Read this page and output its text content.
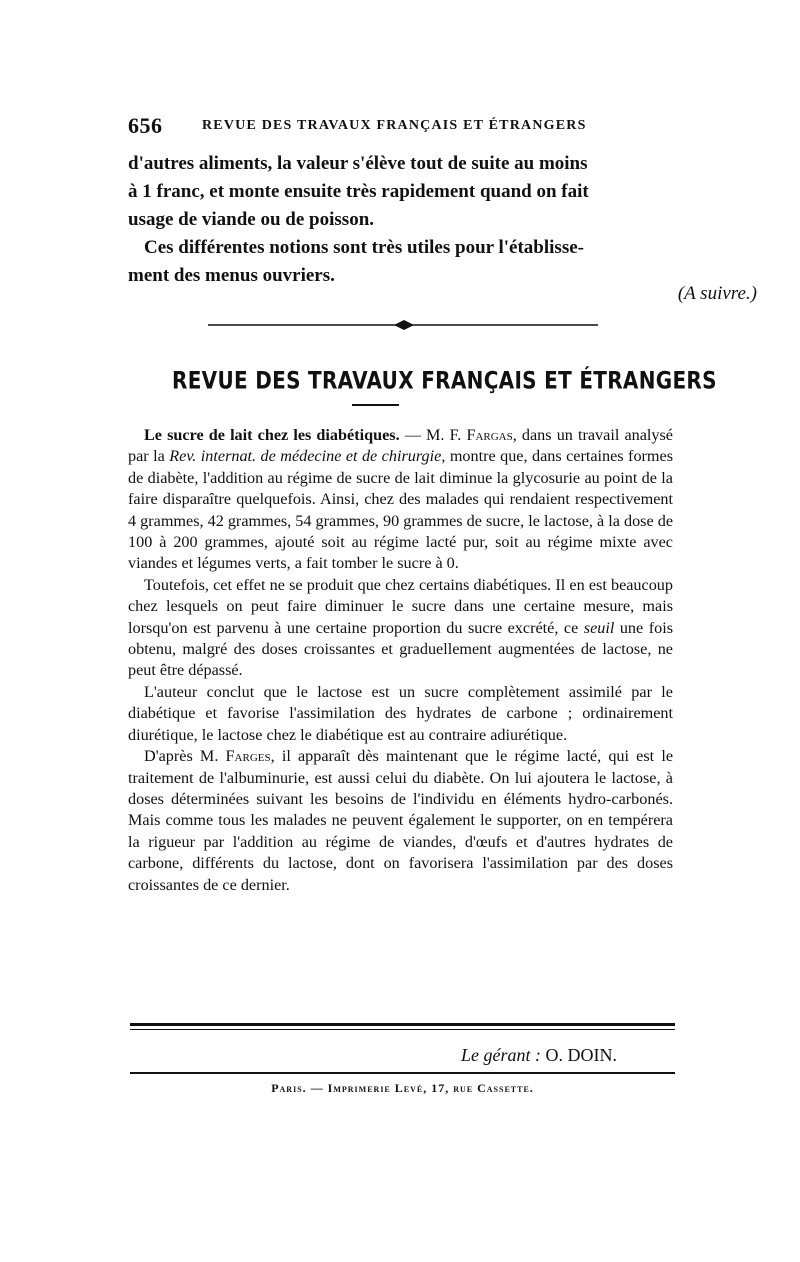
656	REVUE DES TRAVAUX FRANÇAIS ET ÉTRANGERS

d'autres aliments, la valeur s'élève tout de suite au moins

à 1 franc, et monte ensuite très rapidement quand on fait

usage de viande ou de poisson.

Ces différentes notions sont très utiles pour l'établisse-

ment des menus ouvriers.

(A suivre.)
REVUE DES TRAVAUX FRANÇAIS ET ÉTRANGERS

Le sucre de lait chez les diabétiques. — M. F. Fargas, dans un travail analysé par la Rev. internat. de médecine et de chirurgie, montre que, dans certaines formes de diabète, l'addition au régime de sucre de lait diminue la glycosurie au point de la faire disparaître quelquefois. Ainsi, chez des malades qui rendaient respectivement 4 grammes, 42 grammes, 54 grammes, 90 grammes de sucre, le lactose, à la dose de 100 à 200 grammes, ajouté soit au régime lacté pur, soit au régime mixte avec viandes et légumes verts, a fait tomber le sucre à 0.

Toutefois, cet effet ne se produit que chez certains diabétiques. Il en est beaucoup chez lesquels on peut faire diminuer le sucre dans une certaine mesure, mais lorsqu'on est parvenu à une certaine proportion du sucre excrété, ce seuil une fois obtenu, malgré des doses croissantes et graduellement augmentées de lactose, ne peut être dépassé.

L'auteur conclut que le lactose est un sucre complètement assimilé par le diabétique et favorise l'assimilation des hydrates de carbone ; ordinairement diurétique, le lactose chez le diabétique est au contraire adiurétique.

D'après M. Farges, il apparaît dès maintenant que le régime lacté, qui est le traitement de l'albuminurie, est aussi celui du diabète. On lui ajoutera le lactose, à doses déterminées suivant les besoins de l'individu en éléments hydro-carbonés. Mais comme tous les malades ne peuvent également le supporter, on en tempérera la rigueur par l'addition au régime de viandes, d'œufs et d'autres hydrates de carbone, différents du lactose, dont on favorisera l'assimilation par des doses croissantes de ce dernier.

Le gérant : O. DOIN.
Paris. — Imprimerie Levé, 17, rue Cassette.
